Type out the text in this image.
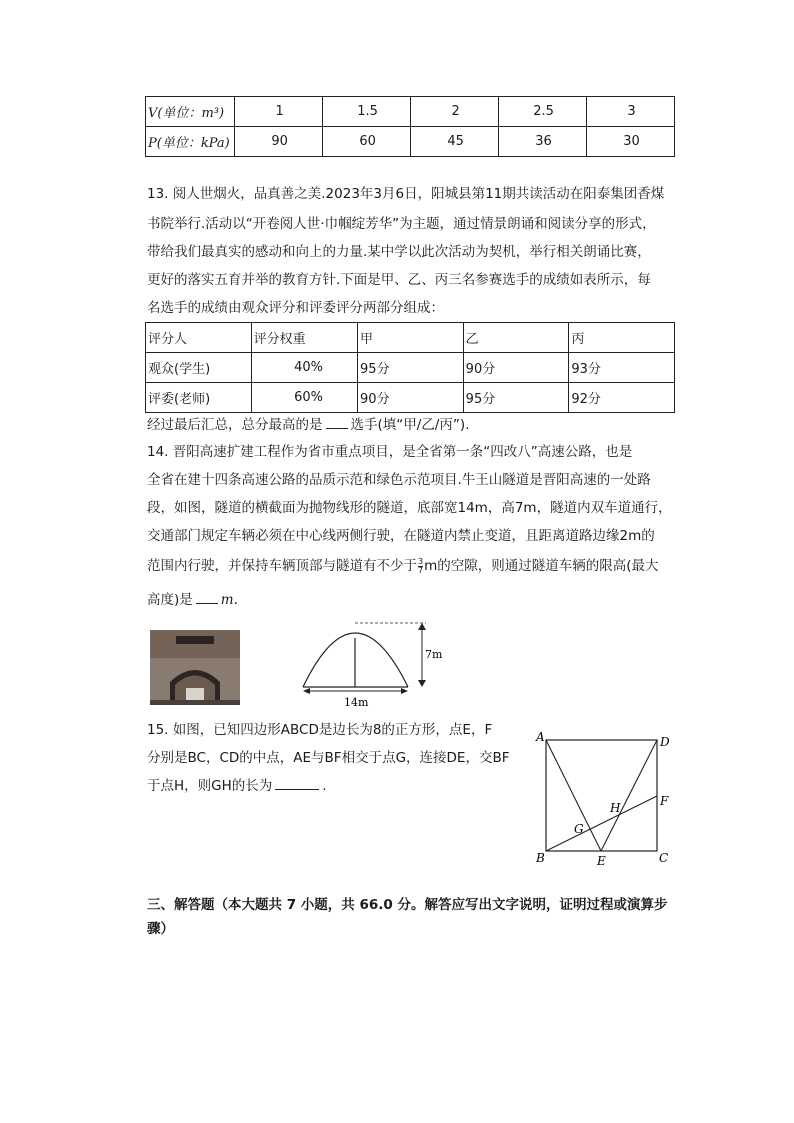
V(单位：m³)	1	1.5	2	2.5	3
P(单位：kPa)	90	60	45	36	30
13. 阅人世烟火，品真善之美.2023年3月6日，阳城县第11期共读活动在阳泰集团香煤
书院举行.活动以“开卷阅人世·巾帼绽芳华”为主题，通过情景朗诵和阅读分享的形式，
带给我们最真实的感动和向上的力量.某中学以此次活动为契机，举行相关朗诵比赛，
更好的落实五育并举的教育方针.下面是甲、乙、丙三名参赛选手的成绩如表所示，每
名选手的成绩由观众评分和评委评分两部分组成：
评分人	评分权重	甲	乙	丙
观众(学生)	40%	95分	90分	93分
评委(老师)	60%	90分	95分	92分
经过最后汇总，总分最高的是 选手(填“甲/乙/丙”).
14. 晋阳高速扩建工程作为省市重点项目，是全省第一条“四改八”高速公路，也是
全省在建十四条高速公路的品质示范和绿色示范项目.牛王山隧道是晋阳高速的一处路
段，如图，隧道的横截面为抛物线形的隧道，底部宽14m，高7m，隧道内双车道通行，
交通部门规定车辆必须在中心线两侧行驶，在隧道内禁止变道，且距离道路边缘2m的
范围内行驶，并保持车辆顶部与隧道有不少于 $\frac{3}{7}$ m的空隙，则通过隧道车辆的限高(最大
高度)是 m.
7m
14m
15. 如图，已知四边形ABCD是边长为8的正方形，点E，F
分别是BC，CD的中点，AE与BF相交于点G，连接DE，交BF
于点H，则GH的长为	.
A	D
F
H
G
B	E	C
三、解答题（本大题共 7 小题，共 66.0 分。解答应写出文字说明，证明过程或演算步
骤）
